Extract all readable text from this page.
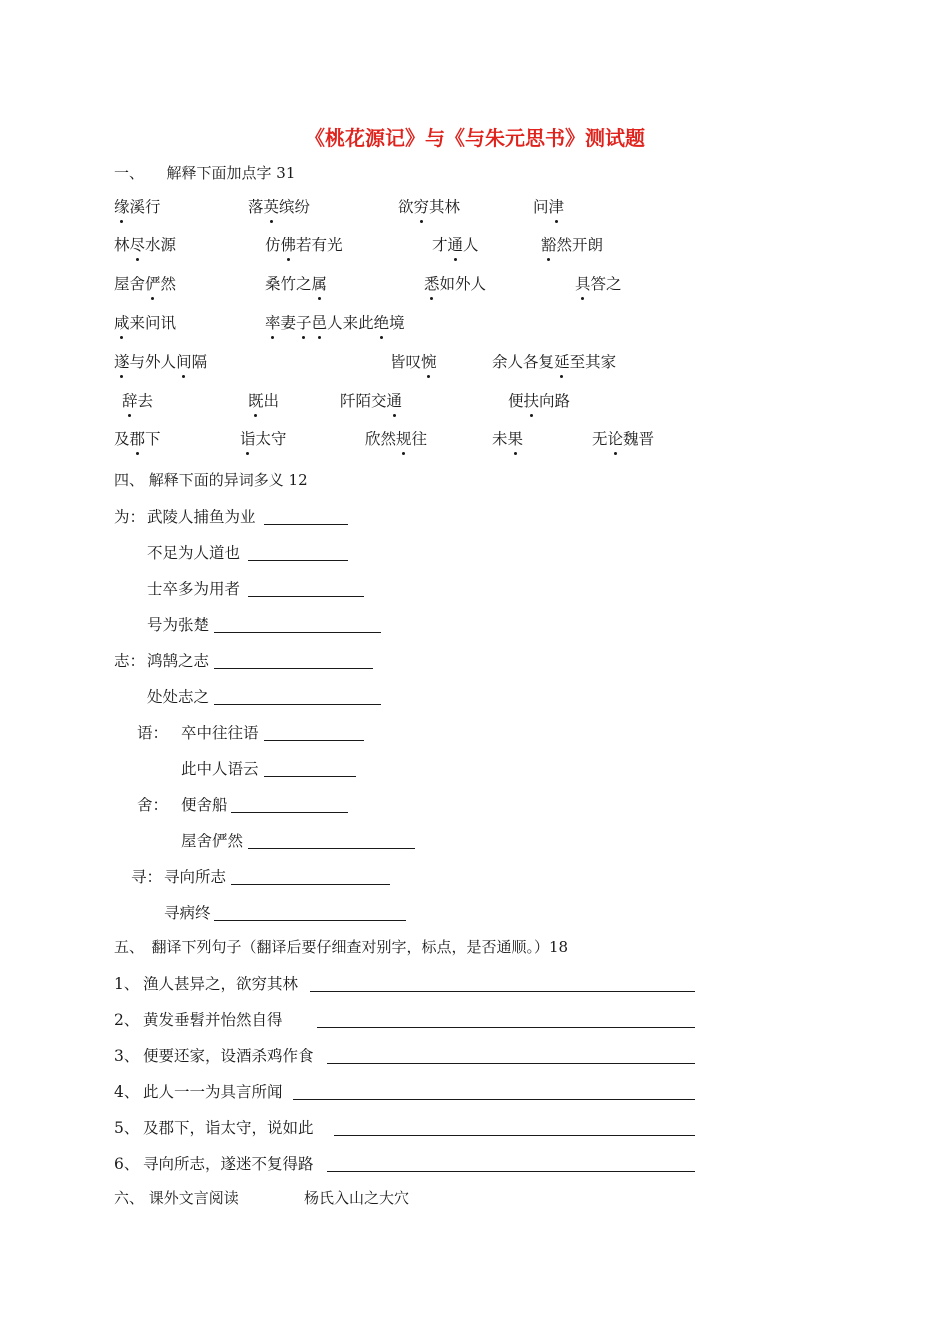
《桃花源记》与《与朱元思书》测试题
一、　　解释下面加点字 31
缘溪行	落英缤纷	欲穷其林	问津
林尽水源	仿佛若有光	才通人	豁然开朗
屋舍俨然	桑竹之属	悉如外人	具答之
咸来问讯	率妻子邑人来此绝境
遂与外人间隔	皆叹惋	余人各复延至其家
辞去	既出	阡陌交通	便扶向路
及郡下	诣太守	欣然规往	未果	无论魏晋
四、 解释下面的异词多义 12
为： 武陵人捕鱼为业
不足为人道也
士卒多为用者
号为张楚
志： 鸿鹄之志
处处志之
语： 卒中往往语
此中人语云
舍： 便舍船
屋舍俨然
寻： 寻向所志
寻病终
五、　翻译下列句子（翻译后要仔细查对别字，标点，是否通顺。）18
1、 渔人甚异之，欲穷其林
2、 黄发垂髫并怡然自得
3、 便要还家，设酒杀鸡作食
4、 此人一一为具言所闻
5、 及郡下，诣太守，说如此
6、 寻向所志，遂迷不复得路
六、 课外文言阅读	杨氏入山之大穴
